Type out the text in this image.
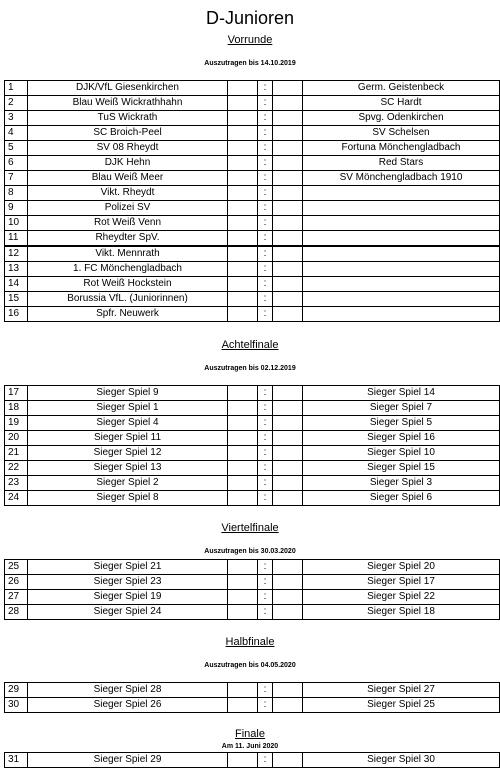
D-Junioren
Vorrunde
Auszutragen bis 14.10.2019
1	DJK/VfL Giesenkirchen		:		Germ. Geistenbeck
2	Blau Weiß Wickrathhahn		:		SC Hardt
3	TuS Wickrath		:		Spvg. Odenkirchen
4	SC Broich-Peel		:		SV Schelsen
5	SV 08 Rheydt		:		Fortuna Mönchengladbach
6	DJK Hehn		:		Red Stars
7	Blau Weiß Meer		:		SV Mönchengladbach 1910
8	Vikt. Rheydt		:		
9	Polizei SV		:		
10	Rot Weiß Venn		:		
11	Rheydter SpV.		:		
12	Vikt. Mennrath		:		
13	1. FC Mönchengladbach		:		
14	Rot Weiß Hockstein		:		
15	Borussia VfL. (Juniorinnen)		:		
16	Spfr. Neuwerk		:		
Achtelfinale
Auszutragen bis 02.12.2019
17	Sieger Spiel 9		:		Sieger Spiel 14
18	Sieger Spiel 1		:		Sieger Spiel 7
19	Sieger Spiel 4		:		Sieger Spiel 5
20	Sieger Spiel 11		:		Sieger Spiel 16
21	Sieger Spiel 12		:		Sieger Spiel 10
22	Sieger Spiel 13		:		Sieger Spiel 15
23	Sieger Spiel 2		:		Sieger Spiel 3
24	Sieger Spiel 8		:		Sieger Spiel 6
Viertelfinale
Auszutragen bis 30.03.2020
25	Sieger Spiel 21		:		Sieger Spiel 20
26	Sieger Spiel 23		:		Sieger Spiel 17
27	Sieger Spiel 19		:		Sieger Spiel 22
28	Sieger Spiel 24		:		Sieger Spiel 18
Halbfinale
Auszutragen bis 04.05.2020
29	Sieger Spiel 28		:		Sieger Spiel 27
30	Sieger Spiel 26		:		Sieger Spiel 25
Finale
Am 11. Juni 2020
31	Sieger Spiel 29		:		Sieger Spiel 30
